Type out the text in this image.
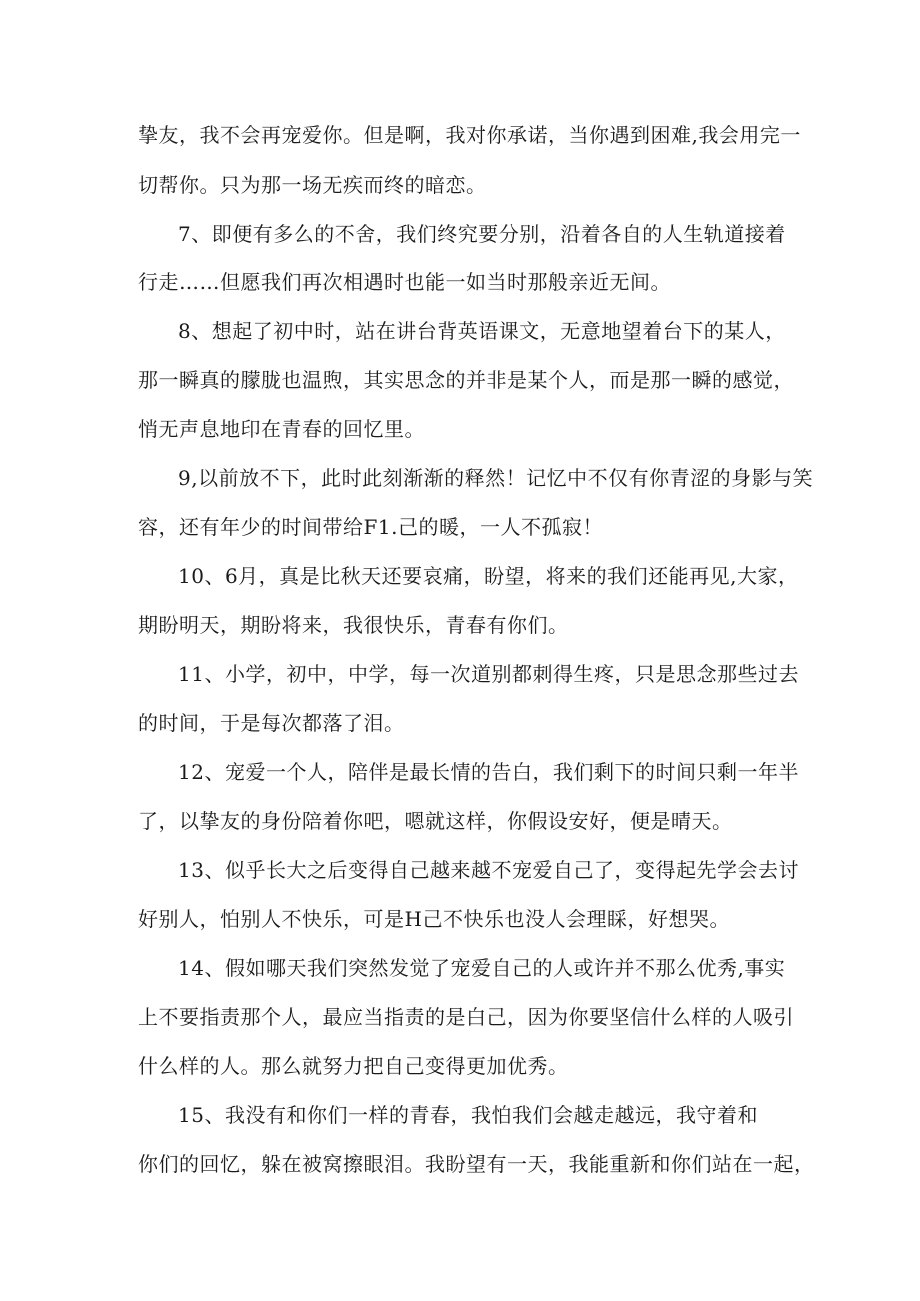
挚友，我不会再宠爱你。但是啊，我对你承诺，当你遇到困难,我会用完一
切帮你。只为那一场无疾而终的暗恋。
7、即便有多么的不舍，我们终究要分别，沿着各自的人生轨道接着
行走……但愿我们再次相遇时也能一如当时那般亲近无间。
8、想起了初中时，站在讲台背英语课文，无意地望着台下的某人，
那一瞬真的朦胧也温煦，其实思念的并非是某个人，而是那一瞬的感觉，
悄无声息地印在青春的回忆里。
9,以前放不下，此时此刻渐渐的释然！记忆中不仅有你青涩的身影与笑
容，还有年少的时间带给F1.己的暖，一人不孤寂！
10、6月，真是比秋天还要哀痛，盼望，将来的我们还能再见,大家，
期盼明天，期盼将来，我很快乐，青春有你们。
11、小学，初中，中学，每一次道别都刺得生疼，只是思念那些过去
的时间，于是每次都落了泪。
12、宠爱一个人，陪伴是最长情的告白，我们剩下的时间只剩一年半
了，以挚友的身份陪着你吧，嗯就这样，你假设安好，便是晴天。
13、似乎长大之后变得自己越来越不宠爱自己了，变得起先学会去讨
好别人，怕别人不快乐，可是H己不快乐也没人会理睬，好想哭。
14、假如哪天我们突然发觉了宠爱自己的人或许并不那么优秀,事实
上不要指责那个人，最应当指责的是白己，因为你要坚信什么样的人吸引
什么样的人。那么就努力把自己变得更加优秀。
15、我没有和你们一样的青春，我怕我们会越走越远，我守着和
你们的回忆，躲在被窝擦眼泪。我盼望有一天，我能重新和你们站在一起，
